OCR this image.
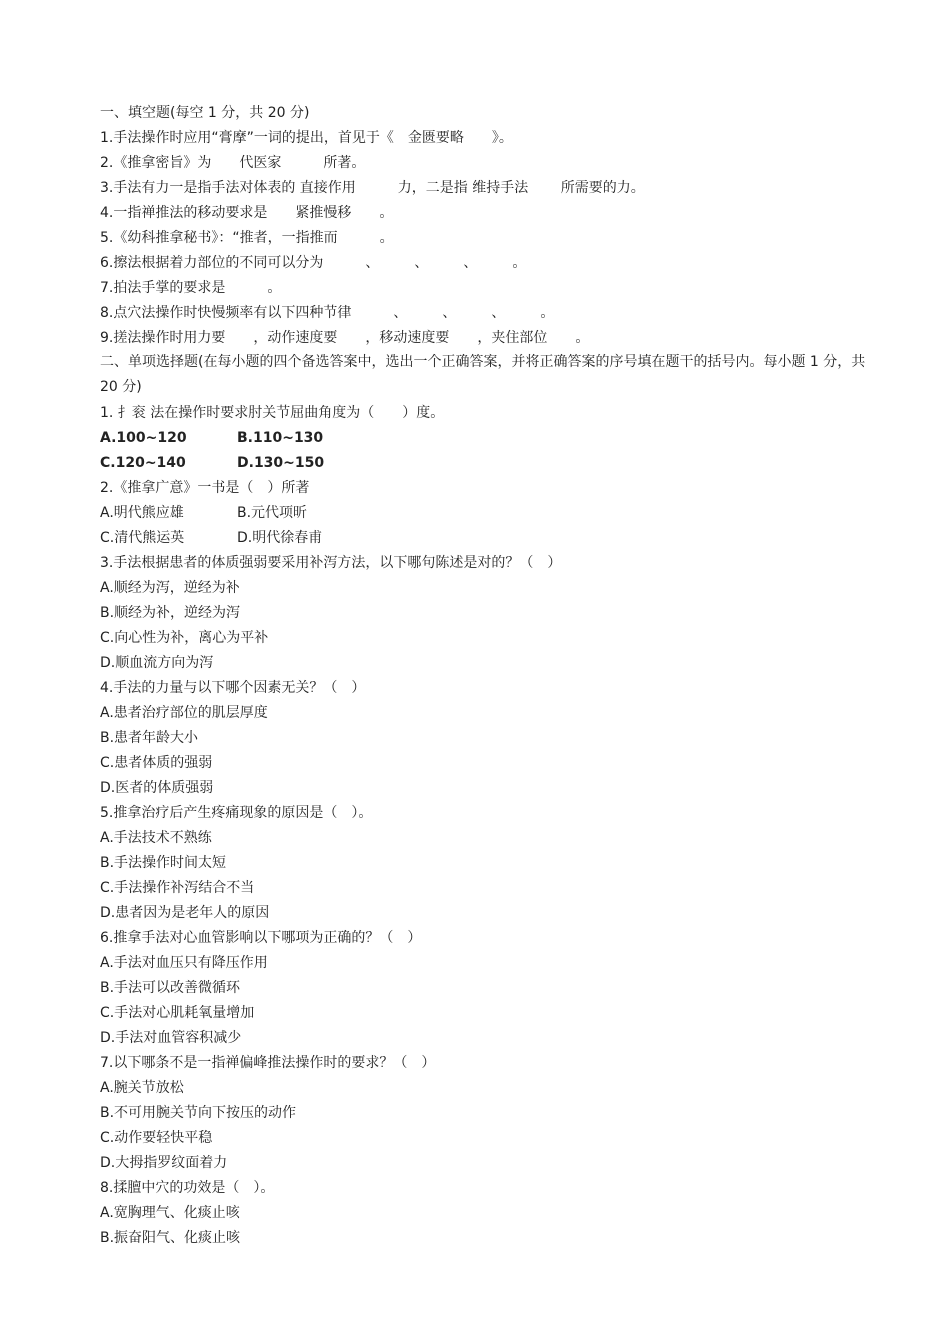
一、填空题(每空 1 分，共 20 分)
1.手法操作时应用“膏摩”一词的提出，首见于《　金匮要略　　》。
2.《推拿密旨》为　　代医家　　　所著。
3.手法有力一是指手法对体表的 直接作用　　　力，二是指 维持手法　　 所需要的力。
4.一指禅推法的移动要求是　　紧推慢移　　。
5.《幼科推拿秘书》：“推者，一指推而　　　。
6.擦法根据着力部位的不同可以分为　　　、　　　、　　　、　　　。
7.拍法手掌的要求是　　　。
8.点穴法操作时快慢频率有以下四种节律　　　、　　　、　　　、　　　。
9.搓法操作时用力要　　，动作速度要　　，移动速度要　　，夹住部位　　。
二、单项选择题(在每小题的四个备选答案中，选出一个正确答案，并将正确答案的序号填在题干的括号内。每小题 1 分，共 20 分)
1. 扌衮 法在操作时要求肘关节屈曲角度为（　　）度。
A.100~120	B.110~130
C.120~140	D.130~150
2.《推拿广意》一书是（　）所著
A.明代熊应雄	B.元代项昕
C.清代熊运英	D.明代徐春甫
3.手法根据患者的体质强弱要采用补泻方法，以下哪句陈述是对的？（　）
A.顺经为泻，逆经为补
B.顺经为补，逆经为泻
C.向心性为补，离心为平补
D.顺血流方向为泻
4.手法的力量与以下哪个因素无关？（　）
A.患者治疗部位的肌层厚度
B.患者年龄大小
C.患者体质的强弱
D.医者的体质强弱
5.推拿治疗后产生疼痛现象的原因是（　）。
A.手法技术不熟练
B.手法操作时间太短
C.手法操作补泻结合不当
D.患者因为是老年人的原因
6.推拿手法对心血管影响以下哪项为正确的？（　）
A.手法对血压只有降压作用
B.手法可以改善微循环
C.手法对心肌耗氧量增加
D.手法对血管容积减少
7.以下哪条不是一指禅偏峰推法操作时的要求？（　）
A.腕关节放松
B.不可用腕关节向下按压的动作
C.动作要轻快平稳
D.大拇指罗纹面着力
8.揉膻中穴的功效是（　）。
A.宽胸理气、化痰止咳
B.振奋阳气、化痰止咳
